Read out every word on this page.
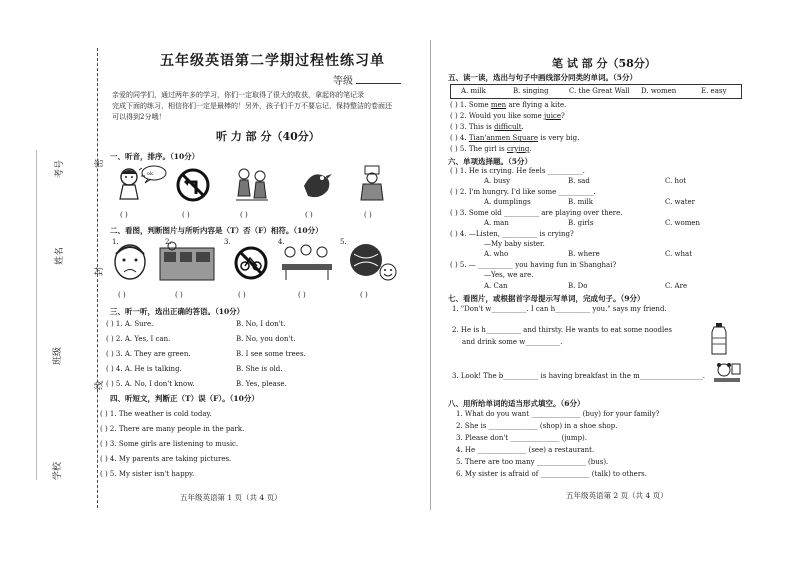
考号
姓名
班级
学校
密
封
线
五年级英语第二学期过程性练习单
等级
亲爱的同学们，通过两年多的学习，你们一定取得了很大的收获，拿起你的笔记录
完成下面的练习，相信你们一定是最棒的！另外，孩子们千万不要忘记，保持整洁的卷面还
可以得到2分哦！
听 力 部 分（40分）
一、听音，排序。（10分）
ok
( )	( )	( )	( )	( )
二、看图，判断图片与所听内容是（T）否（F）相符。（10分）
1.	2.	3.	4.	5.
( )	( )	( )	( )	( )
三、听一听，选出正确的答语。（10分）
( ) 1. A. Sure.	B. No, I don't.
( ) 2. A. Yes, I can.	B. No, you don't.
( ) 3. A. They are green.	B. I see some trees.
( ) 4. A. He is talking.	B. She is old.
( ) 5. A. No, I don't know.	B. Yes, please.
四、听短文，判断正（T）误（F）。（10分）
( ) 1. The weather is cold today.
( ) 2. There are many people in the park.
( ) 3. Some girls are listening to music.
( ) 4. My parents are taking pictures.
( ) 5. My sister isn't happy.
五年级英语第 1 页（共 4 页）
笔 试 部 分（58分）
五、读一读，选出与句子中画线部分同类的单词。（5分）
A. milk	B. singing	C. the Great Wall D. women	E. easy
( ) 1. Some men are flying a kite.
( ) 2. Would you like some juice?
( ) 3. This is difficult.
( ) 4. Tian'anmen Square is very big.
( ) 5. The girl is crying.
六、单项选择题。（5分）
( ) 1. He is crying. He feels __________.
A. busy	B. sad	C. hot
( ) 2. I'm hungry. I'd like some __________.
A. dumplings	B. milk	C. water
( ) 3. Some old __________ are playing over there.
A. man	B. girls	C. women
( ) 4. —Listen, __________ is crying?
—My baby sister.
A. who	B. where	C. what
( ) 5. — __________ you having fun in Shanghai?
—Yes, we are.
A. Can	B. Do	C. Are
七、看图片，或根据首字母提示写单词，完成句子。（9分）
1. "Don't w__________. I can h__________ you." says my friend.
2. He is h__________ and thirsty. He wants to eat some noodles
and drink some w__________.
3. Look! The b__________ is having breakfast in the m__________________.
八、用所给单词的适当形式填空。（6分）
1. What do you want ______________ (buy) for your family?
2. She is ______________ (shop) in a shoe shop.
3. Please don't ______________ (jump).
4. He ______________ (see) a restaurant.
5. There are too many ______________ (bus).
6. My sister is afraid of ______________ (talk) to others.
五年级英语第 2 页（共 4 页）
